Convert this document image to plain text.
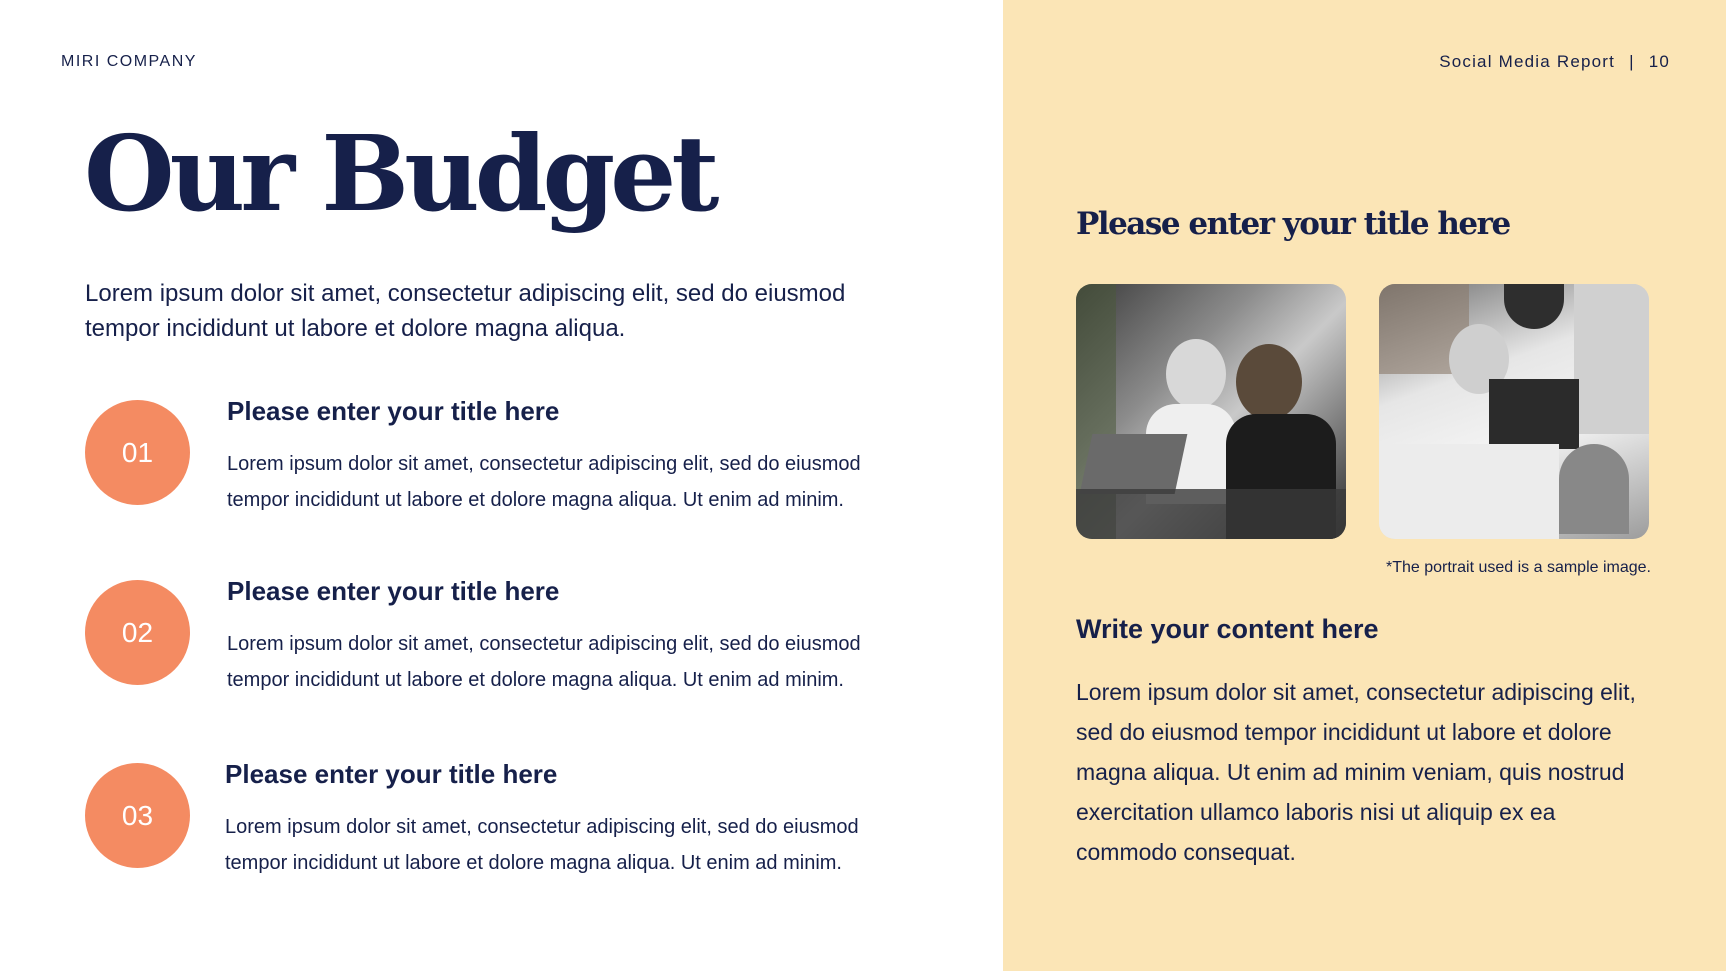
MIRI COMPANY	Social Media Report | 10
Our Budget
Lorem ipsum dolor sit amet, consectetur adipiscing elit, sed do eiusmod tempor incididunt ut labore et dolore magna aliqua.
01
Please enter your title here
Lorem ipsum dolor sit amet, consectetur adipiscing elit, sed do eiusmod tempor incididunt ut labore et dolore magna aliqua. Ut enim ad minim.
02
Please enter your title here
Lorem ipsum dolor sit amet, consectetur adipiscing elit, sed do eiusmod tempor incididunt ut labore et dolore magna aliqua. Ut enim ad minim.
03
Please enter your title here
Lorem ipsum dolor sit amet, consectetur adipiscing elit, sed do eiusmod tempor incididunt ut labore et dolore magna aliqua. Ut enim ad minim.
Please enter your title here
*The portrait used is a sample image.
Write your content here
Lorem ipsum dolor sit amet, consectetur adipiscing elit, sed do eiusmod tempor incididunt ut labore et dolore magna aliqua. Ut enim ad minim veniam, quis nostrud exercitation ullamco laboris nisi ut aliquip ex ea commodo consequat.
